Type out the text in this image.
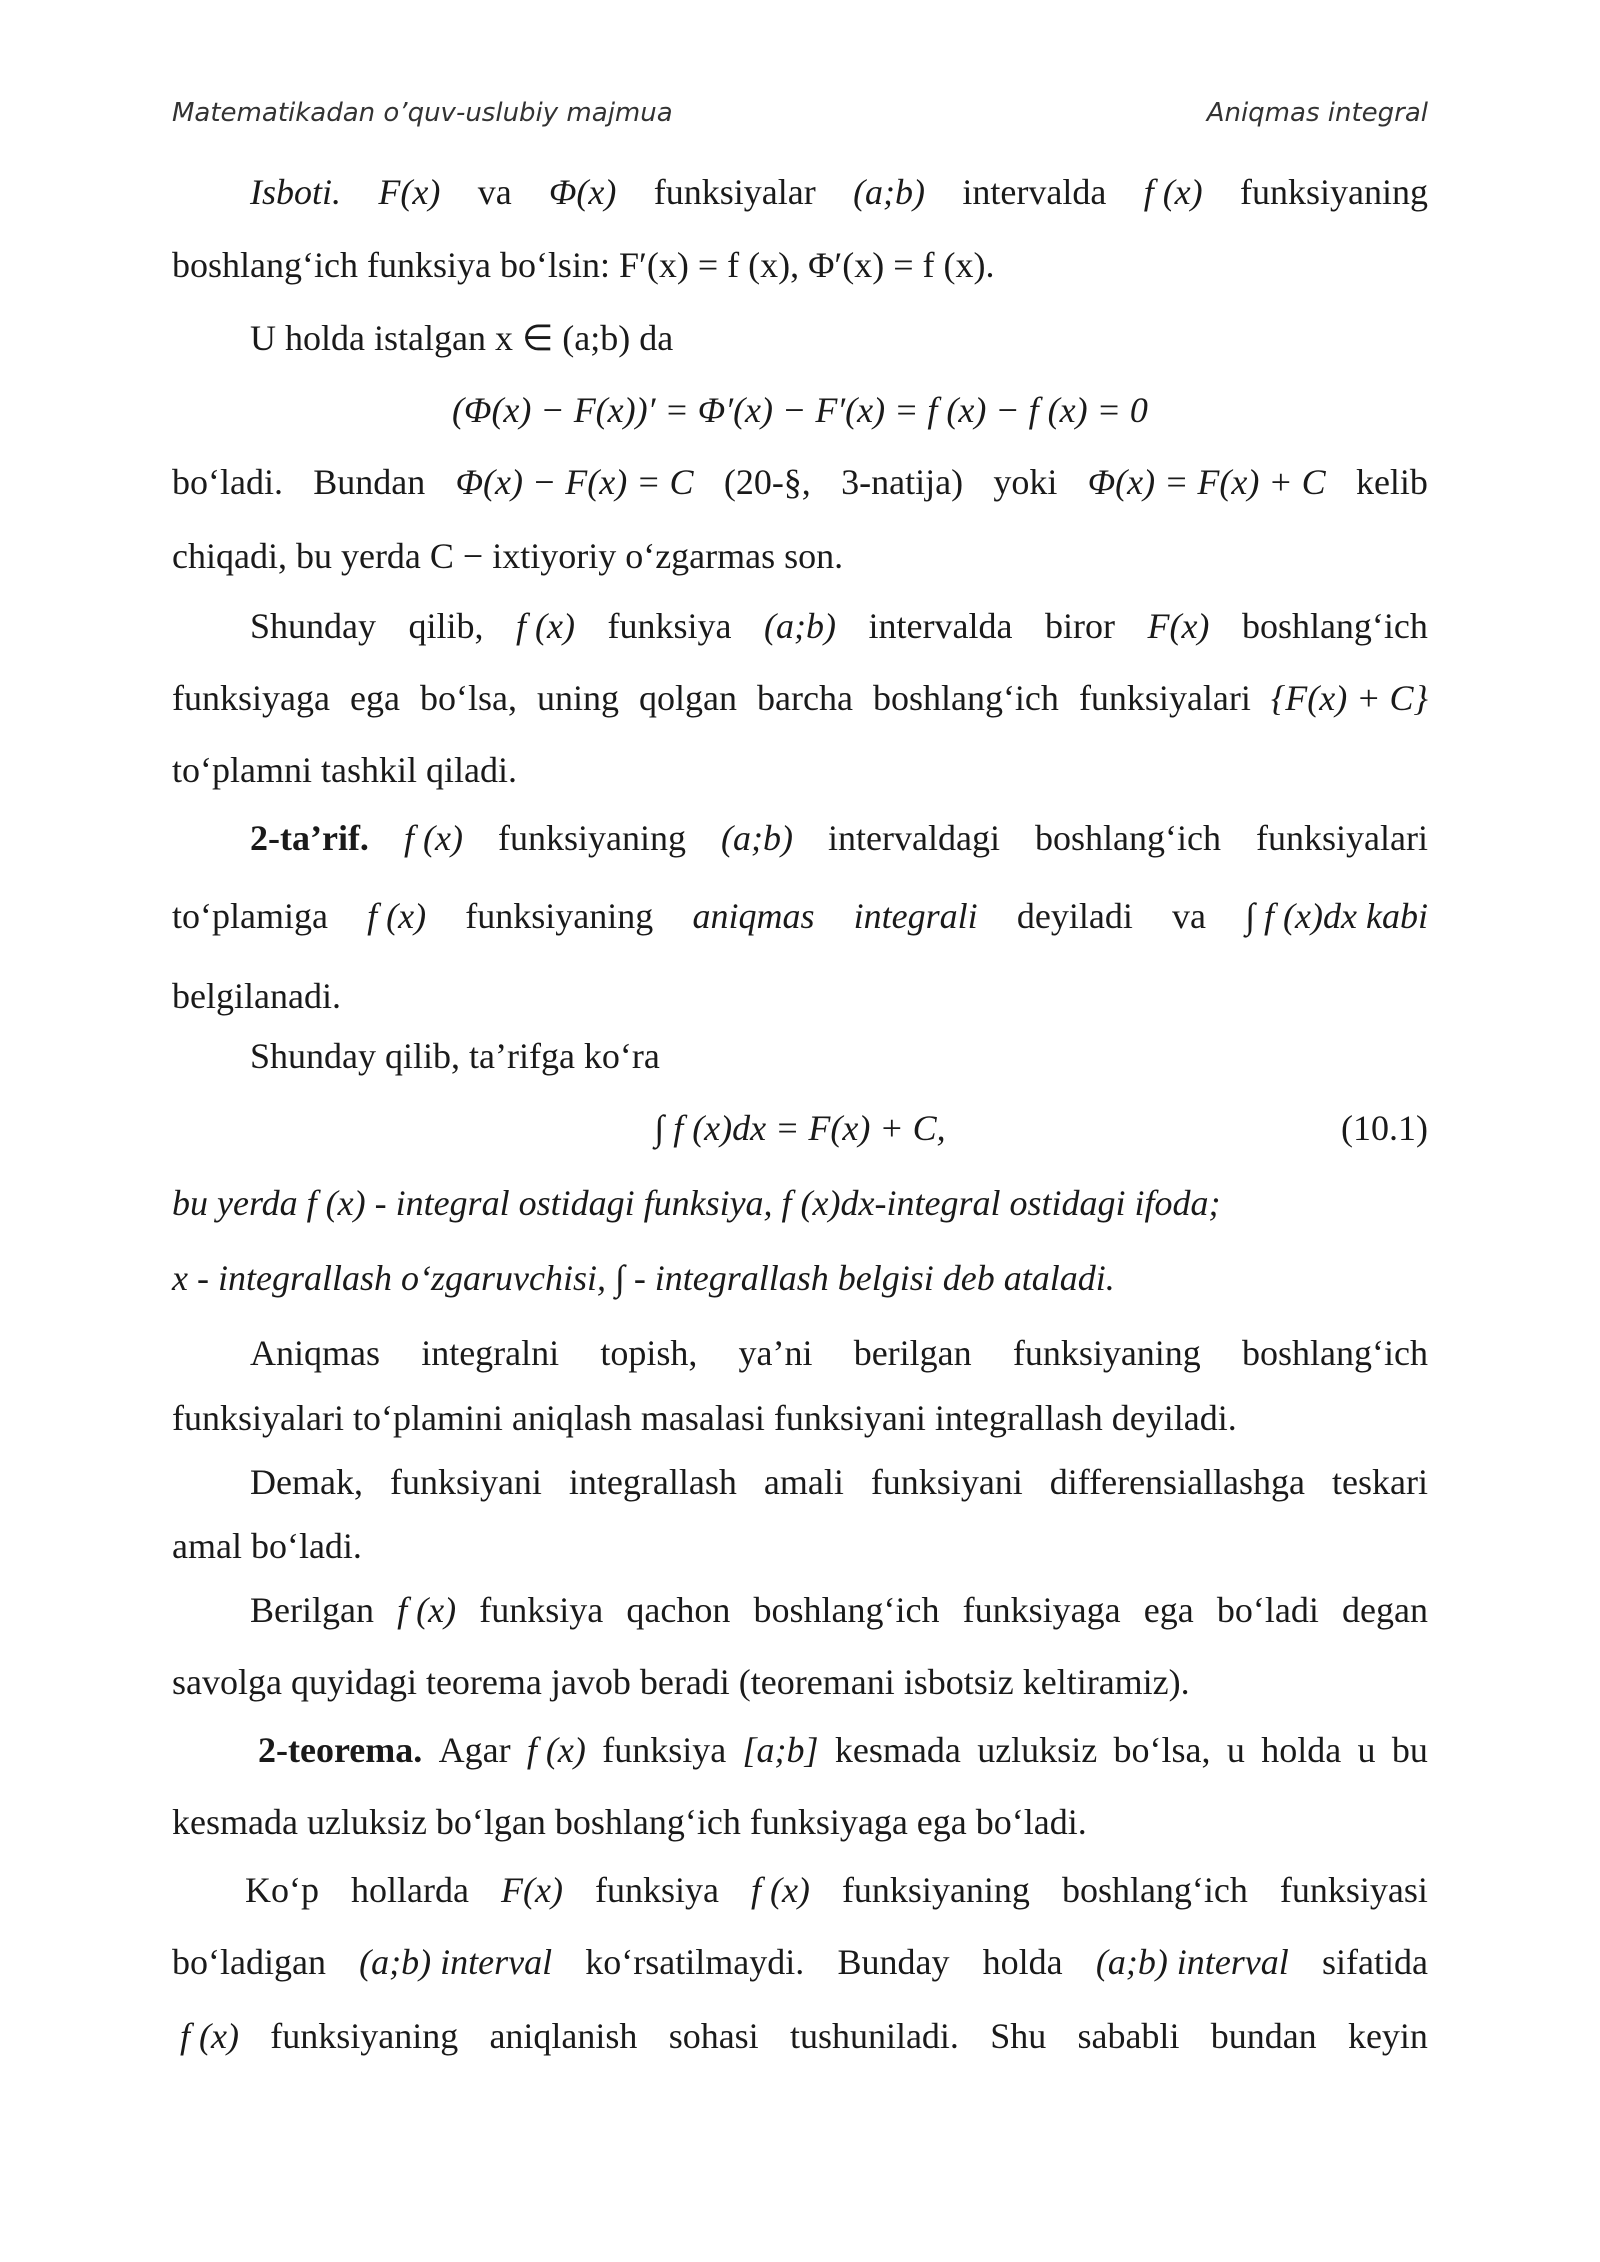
Matematikadan o’quv-uslubiy majmua	Aniqmas integral
Isboti. F(x) va Φ(x) funksiyalar (a;b) intervalda f (x) funksiyaning
boshlang‘ich funksiya bo‘lsin: F′(x) = f (x), Φ′(x) = f (x).
U holda istalgan x ∈ (a;b) da
(Φ(x) − F(x))′ = Φ′(x) − F′(x) = f (x) − f (x) = 0
bo‘ladi. Bundan Φ(x) − F(x) = C (20-§, 3-natija) yoki Φ(x) = F(x) + C kelib
chiqadi, bu yerda C − ixtiyoriy o‘zgarmas son.
Shunday qilib, f (x) funksiya (a;b) intervalda biror F(x) boshlang‘ich
funksiyaga ega bo‘lsa, uning qolgan barcha boshlang‘ich funksiyalari {F(x) + C}
to‘plamni tashkil qiladi.
2-ta’rif. f (x) funksiyaning (a;b) intervaldagi boshlang‘ich funksiyalari
to‘plamiga f (x) funksiyaning aniqmas integrali deyiladi va ∫ f (x)dx kabi
belgilanadi.
Shunday qilib, ta’rifga ko‘ra
∫ f (x)dx = F(x) + C,	(10.1)
bu yerda f (x) - integral ostidagi funksiya, f (x)dx-integral ostidagi ifoda;
x - integrallash o‘zgaruvchisi, ∫ - integrallash belgisi deb ataladi.
Aniqmas integralni topish, ya’ni berilgan funksiyaning boshlang‘ich
funksiyalari to‘plamini aniqlash masalasi funksiyani integrallash deyiladi.
Demak, funksiyani integrallash amali funksiyani differensiallashga teskari
amal bo‘ladi.
Berilgan f (x) funksiya qachon boshlang‘ich funksiyaga ega bo‘ladi degan
savolga quyidagi teorema javob beradi (teoremani isbotsiz keltiramiz).
2-teorema. Agar f (x) funksiya [a;b] kesmada uzluksiz bo‘lsa, u holda u bu
kesmada uzluksiz bo‘lgan boshlang‘ich funksiyaga ega bo‘ladi.
Ko‘p hollarda F(x) funksiya f (x) funksiyaning boshlang‘ich funksiyasi
bo‘ladigan (a;b) interval ko‘rsatilmaydi. Bunday holda (a;b) interval sifatida
f (x) funksiyaning aniqlanish sohasi tushuniladi. Shu sababli bundan keyin
